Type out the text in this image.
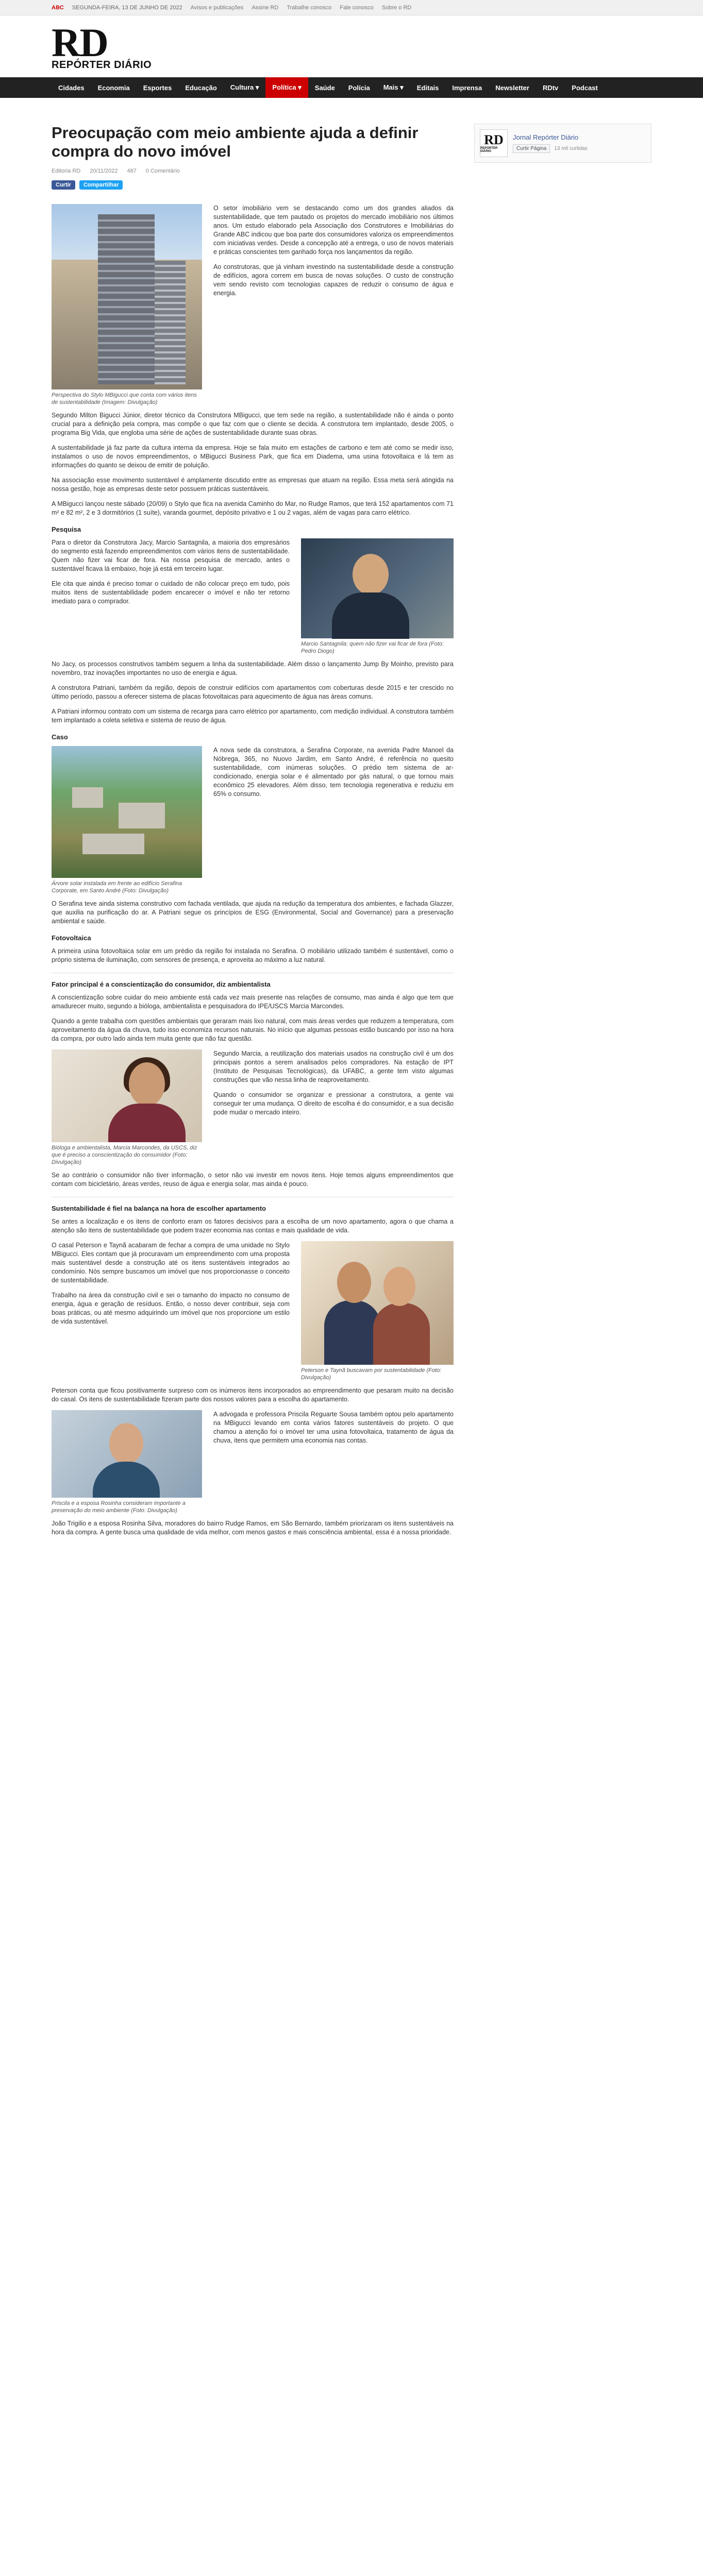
ABC SEGUNDA-FEIRA, 13 DE JUNHO DE 2022 Avisos e publicações Assine RD Trabalhe conosco Fale conosco Sobre o RD
RD
REPÓRTER DIÁRIO
Cidades	Economia	Esportes	Educação	Cultura ▾	Política ▾	Saúde	Polícia	Mais ▾	Editais	Imprensa	Newsletter	RDtv	Podcast
Preocupação com meio ambiente ajuda a definir compra do novo imóvel
Editoria RD 20/11/2022 487 0 Comentário
Curtir	Compartilhar
Perspectiva do Stylo MBigucci que conta com vários itens de sustentabilidade (Imagem: Divulgação)

O setor imobiliário vem se destacando como um dos grandes aliados da sustentabilidade, que tem pautado os projetos do mercado imobiliário nos últimos anos. Um estudo elaborado pela Associação dos Construtores e Imobiliárias do Grande ABC indicou que boa parte dos consumidores valoriza os empreendimentos com iniciativas verdes. Desde a concepção até a entrega, o uso de novos materiais e práticas conscientes tem ganhado força nos lançamentos da região.

Ao construtoras, que já vinham investindo na sustentabilidade desde a construção de edifícios, agora correm em busca de novas soluções. O custo de construção vem sendo revisto com tecnologias capazes de reduzir o consumo de água e energia.

Segundo Milton Bigucci Júnior, diretor técnico da Construtora MBigucci, que tem sede na região, a sustentabilidade não é ainda o ponto crucial para a definição pela compra, mas compõe o que faz com que o cliente se decida. A construtora tem implantado, desde 2005, o programa Big Vida, que engloba uma série de ações de sustentabilidade durante suas obras.

A sustentabilidade já faz parte da cultura interna da empresa. Hoje se fala muito em estações de carbono e tem até como se medir isso, instalamos o uso de novos empreendimentos, o MBigucci Business Park, que fica em Diadema, uma usina fotovoltaica e lá tem as informações do quanto se deixou de emitir de poluição.

Na associação esse movimento sustentável é amplamente discutido entre as empresas que atuam na região. Essa meta será atingida na nossa gestão, hoje as empresas deste setor possuem práticas sustentáveis.

A MBigucci lançou neste sábado (20/09) o Stylo que fica na avenida Caminho do Mar, no Rudge Ramos, que terá 152 apartamentos com 71 m² e 82 m², 2 e 3 dormitórios (1 suíte), varanda gourmet, depósito privativo e 1 ou 2 vagas, além de vagas para carro elétrico.

Pesquisa
Marcio Santagnila: quem não fizer vai ficar de fora (Foto: Pedro Diogo)

Para o diretor da Construtora Jacy, Marcio Santagnila, a maioria dos empresários do segmento está fazendo empreendimentos com vários itens de sustentabilidade. Quem não fizer vai ficar de fora. Na nossa pesquisa de mercado, antes o sustentável ficava lá embaixo, hoje já está em terceiro lugar.

Ele cita que ainda é preciso tomar o cuidado de não colocar preço em tudo, pois muitos itens de sustentabilidade podem encarecer o imóvel e não ter retorno imediato para o comprador.

No Jacy, os processos construtivos também seguem a linha da sustentabilidade. Além disso o lançamento Jump By Moinho, previsto para novembro, traz inovações importantes no uso de energia e água.

A construtora Patriani, também da região, depois de construir edifícios com apartamentos com coberturas desde 2015 e ter crescido no último período, passou a oferecer sistema de placas fotovoltaicas para aquecimento de água nas áreas comuns.

A Patriani informou contrato com um sistema de recarga para carro elétrico por apartamento, com medição individual. A construtora também tem implantado a coleta seletiva e sistema de reuso de água.

Caso
Árvore solar instalada em frente ao edifício Serafina Corporate, em Santo André (Foto: Divulgação)

A nova sede da construtora, a Serafina Corporate, na avenida Padre Manoel da Nóbrega, 365, no Nuovo Jardim, em Santo André, é referência no quesito sustentabilidade, com inúmeras soluções. O prédio tem sistema de ar-condicionado, energia solar e é alimentado por gás natural, o que tornou mais econômico 25 elevadores. Além disso, tem tecnologia regenerativa e reduziu em 65% o consumo.

O Serafina teve ainda sistema construtivo com fachada ventilada, que ajuda na redução da temperatura dos ambientes, e fachada Glazzer, que auxilia na purificação do ar. A Patriani segue os princípios de ESG (Environmental, Social and Governance) para a preservação ambiental e saúde.

Fotovoltaica

A primeira usina fotovoltaica solar em um prédio da região foi instalada no Serafina. O mobiliário utilizado também é sustentável, como o próprio sistema de iluminação, com sensores de presença, e aproveita ao máximo a luz natural.

Fator principal é a conscientização do consumidor, diz ambientalista

A conscientização sobre cuidar do meio ambiente está cada vez mais presente nas relações de consumo, mas ainda é algo que tem que amadurecer muito, segundo a bióloga, ambientalista e pesquisadora do IPE/USCS Marcia Marcondes.

Quando a gente trabalha com questões ambientais que geraram mais lixo natural, com mais áreas verdes que reduzem a temperatura, com aproveitamento da água da chuva, tudo isso economiza recursos naturais. No início que algumas pessoas estão buscando por isso na hora da compra, por outro lado ainda tem muita gente que não faz questão.

Bióloga e ambientalista, Marcia Marcondes, da USCS, diz que é preciso a conscientização do consumidor (Foto: Divulgação)

Segundo Marcia, a reutilização dos materiais usados na construção civil é um dos principais pontos a serem analisados pelos compradores. Na estação de IPT (Instituto de Pesquisas Tecnológicas), da UFABC, a gente tem visto algumas construções que vão nessa linha de reaproveitamento.

Quando o consumidor se organizar e pressionar a construtora, a gente vai conseguir ter uma mudança. O direito de escolha é do consumidor, e a sua decisão pode mudar o mercado inteiro.

Se ao contrário o consumidor não tiver informação, o setor não vai investir em novos itens. Hoje temos alguns empreendimentos que contam com bicicletário, áreas verdes, reuso de água e energia solar, mas ainda é pouco.

Sustentabilidade é fiel na balança na hora de escolher apartamento

Se antes a localização e os itens de conforto eram os fatores decisivos para a escolha de um novo apartamento, agora o que chama a atenção são itens de sustentabilidade que podem trazer economia nas contas e mais qualidade de vida.

Peterson e Taynã buscavam por sustentabilidade (Foto: Divulgação)

O casal Peterson e Taynã acabaram de fechar a compra de uma unidade no Stylo MBigucci. Eles contam que já procuravam um empreendimento com uma proposta mais sustentável desde a construção até os itens sustentáveis integrados ao condomínio. Nós sempre buscamos um imóvel que nos proporcionasse o conceito de sustentabilidade.

Trabalho na área da construção civil e sei o tamanho do impacto no consumo de energia, água e geração de resíduos. Então, o nosso dever contribuir, seja com boas práticas, ou até mesmo adquirindo um imóvel que nos proporcione um estilo de vida sustentável.

Peterson conta que ficou positivamente surpreso com os inúmeros itens incorporados ao empreendimento que pesaram muito na decisão do casal. Os itens de sustentabilidade fizeram parte dos nossos valores para a escolha do apartamento.

Priscila e a esposa Rosinha consideram importante a preservação do meio ambiente (Foto: Divulgação)

A advogada e professora Priscila Reguarte Sousa também optou pelo apartamento na MBigucci levando em conta vários fatores sustentáveis do projeto. O que chamou a atenção foi o imóvel ter uma usina fotovoltaica, tratamento de água da chuva, itens que permitem uma economia nas contas.

João Trigilio e a esposa Rosinha Silva, moradores do bairro Rudge Ramos, em São Bernardo, também priorizaram os itens sustentáveis na hora da compra. A gente busca uma qualidade de vida melhor, com menos gastos e mais consciência ambiental, essa é a nossa prioridade.

RD
REPÓRTER DIÁRIO
Jornal Repórter Diário
Curtir Página	13 mil curtidas
